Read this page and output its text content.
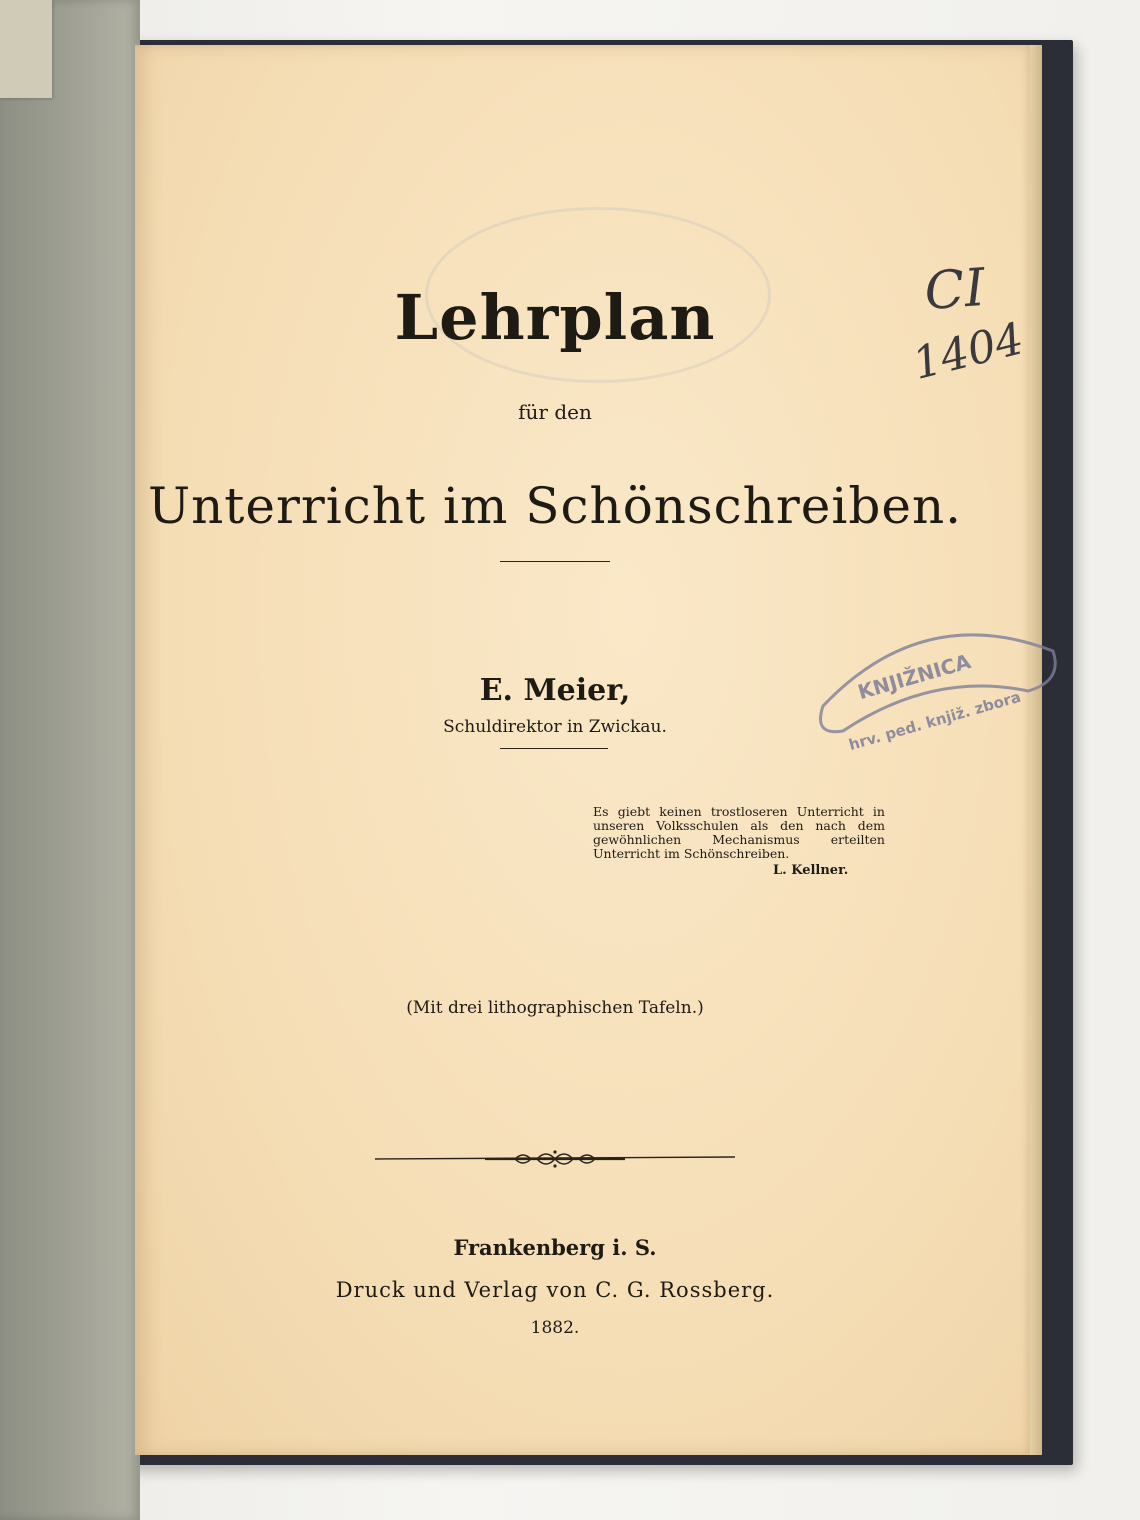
Lehrplan
für den
Unterricht im Schönschreiben.
E. Meier,
Schuldirektor in Zwickau.
Es giebt keinen trostloseren Unterricht in unseren Volksschulen als den nach dem gewöhnlichen Mechanismus erteilten Unterricht im Schönschreiben.
L. Kellner.
(Mit drei lithographischen Tafeln.)
Frankenberg i. S.
Druck und Verlag von C. G. Rossberg.
1882.
CI
1404
KNJIŽNICA
hrv. ped. knjiž. zbora
